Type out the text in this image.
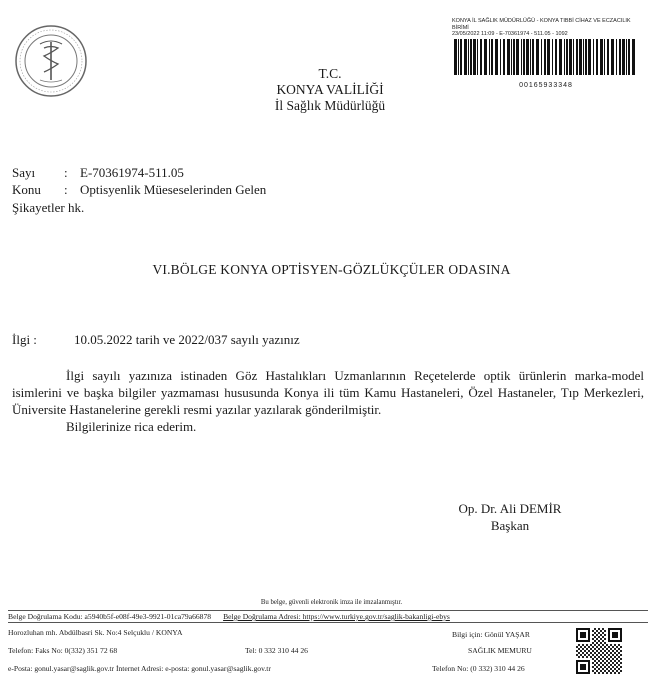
KONYA İL SAĞLIK MÜDÜRLÜĞÜ - KONYA TIBBİ CİHAZ VE ECZACILIK BİRİMİ
23/05/2022 11:09 - E-70361974 - 511.05 - 1092
00165933348
T.C.
KONYA VALİLİĞİ
İl Sağlık Müdürlüğü
Sayı : E-70361974-511.05
Konu : Optisyenlik Müeseselerinden Gelen
Şikayetler hk.
VI.BÖLGE KONYA OPTİSYEN-GÖZLÜKÇÜLER ODASINA
İlgi :	10.05.2022 tarih ve 2022/037 sayılı yazınız

İlgi sayılı yazınıza istinaden Göz Hastalıkları Uzmanlarının Reçetelerde optik ürünlerin marka-model isimlerini ve başka bilgiler yazmaması hususunda Konya ili tüm Kamu Hastaneleri, Özel Hastaneler, Tıp Merkezleri, Üniversite Hastanelerine gerekli resmi yazılar yazılarak gönderilmiştir.

Bilgilerinize rica ederim.

Op. Dr. Ali DEMİR
Başkan
Bu belge, güvenli elektronik imza ile imzalanmıştır.
Belge Doğrulama Kodu: a5940b5f-e08f-49e3-9921-01ca79a66878 Belge Doğrulama Adresi: https://www.turkiye.gov.tr/saglik-bakanligi-ebys
Horozluhan mh. Abdülbasri Sk. No:4 Selçuklu / KONYA	Bilgi için: Gönül YAŞAR
Telefon: Faks No: 0(332) 351 72 68	Tel: 0 332 310 44 26	SAĞLIK MEMURU
e-Posta: gonul.yasar@saglik.gov.tr İnternet Adresi: e-posta: gonul.yasar@saglik.gov.tr	Telefon No: (0 332) 310 44 26
